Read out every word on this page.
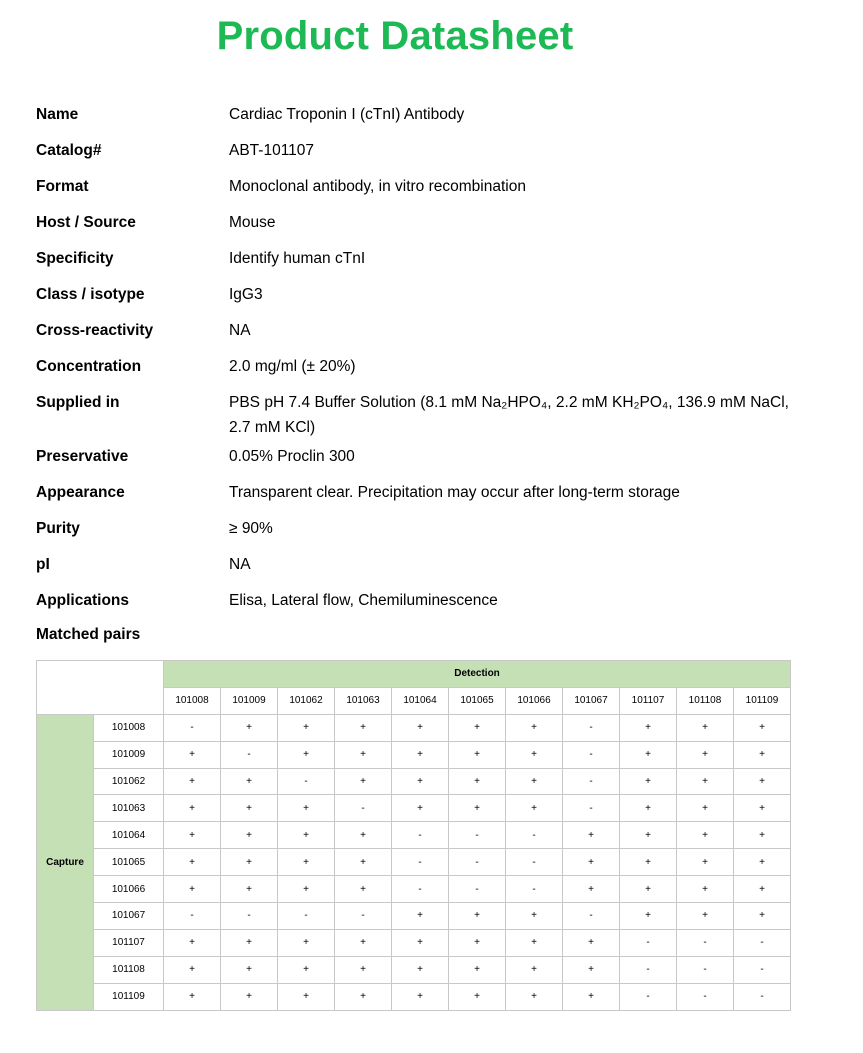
Product Datasheet
Name	Cardiac Troponin I (cTnI) Antibody
Catalog#	ABT-101107
Format	Monoclonal antibody, in vitro recombination
Host / Source	Mouse
Specificity	Identify human cTnI
Class / isotype	IgG3
Cross-reactivity	NA
Concentration	2.0 mg/ml (± 20%)
Supplied in	PBS pH 7.4 Buffer Solution (8.1 mM Na₂HPO₄, 2.2 mM KH₂PO₄, 136.9 mM NaCl, 2.7 mM KCl)
Preservative	0.05% Proclin 300
Appearance	Transparent clear. Precipitation may occur after long-term storage
Purity	≥ 90%
pI	NA
Applications	Elisa, Lateral flow, Chemiluminescence
Matched pairs
		Detection										
		101008	101009	101062	101063	101064	101065	101066	101067	101107	101108	101109
Capture	101008	-	+	+	+	+	+	+	-	+	+	+
	101009	+	-	+	+	+	+	+	-	+	+	+
	101062	+	+	-	+	+	+	+	-	+	+	+
	101063	+	+	+	-	+	+	+	-	+	+	+
	101064	+	+	+	+	-	-	-	+	+	+	+
	101065	+	+	+	+	-	-	-	+	+	+	+
	101066	+	+	+	+	-	-	-	+	+	+	+
	101067	-	-	-	-	+	+	+	-	+	+	+
	101107	+	+	+	+	+	+	+	+	-	-	-
	101108	+	+	+	+	+	+	+	+	-	-	-
	101109	+	+	+	+	+	+	+	+	-	-	-
